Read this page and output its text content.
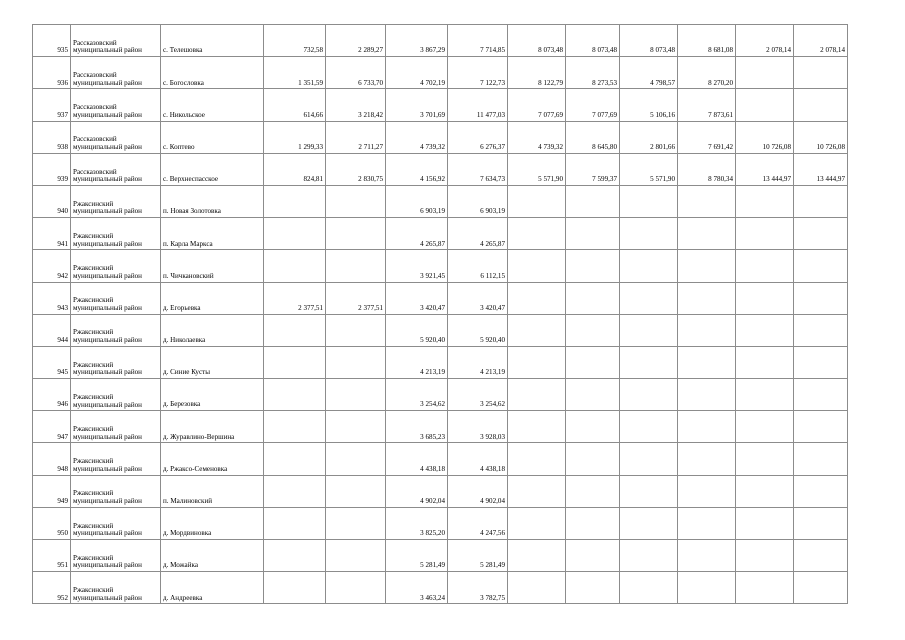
935	Рассказовский муниципальный район	с. Телешовка	732,58	2 289,27	3 867,29	7 714,85	8 073,48	8 073,48	8 073,48	8 681,08	2 078,14	2 078,14
936	Рассказовский муниципальный район	с. Богословка	1 351,59	6 733,70	4 702,19	7 122,73	8 122,79	8 273,53	4 798,57	8 270,20		
937	Рассказовский муниципальный район	с. Никольское	614,66	3 218,42	3 701,69	11 477,03	7 077,69	7 077,69	5 106,16	7 873,61		
938	Рассказовский муниципальный район	с. Коптево	1 299,33	2 711,27	4 739,32	6 276,37	4 739,32	8 645,80	2 801,66	7 691,42	10 726,08	10 726,08
939	Рассказовский муниципальный район	с. Верхнеспасское	824,81	2 830,75	4 156,92	7 634,73	5 571,90	7 599,37	5 571,90	8 780,34	13 444,97	13 444,97
940	Ржаксинский муниципальный район	п. Новая Золотовка			6 903,19	6 903,19						
941	Ржаксинский муниципальный район	п. Карла Маркса			4 265,87	4 265,87						
942	Ржаксинский муниципальный район	п. Чичкановский			3 921,45	6 112,15						
943	Ржаксинский муниципальный район	д. Егорьевка	2 377,51	2 377,51	3 420,47	3 420,47						
944	Ржаксинский муниципальный район	д. Николаевка			5 920,40	5 920,40						
945	Ржаксинский муниципальный район	д. Синие Кусты			4 213,19	4 213,19						
946	Ржаксинский муниципальный район	д. Березовка			3 254,62	3 254,62						
947	Ржаксинский муниципальный район	д. Журавлино-Вершина			3 685,23	3 928,03						
948	Ржаксинский муниципальный район	д. Ржаксо-Семеновка			4 438,18	4 438,18						
949	Ржаксинский муниципальный район	п. Малиновский			4 902,04	4 902,04						
950	Ржаксинский муниципальный район	д. Мордвиновка			3 825,20	4 247,56						
951	Ржаксинский муниципальный район	д. Можайка			5 281,49	5 281,49						
952	Ржаксинский муниципальный район	д. Андреевка			3 463,24	3 782,75						
